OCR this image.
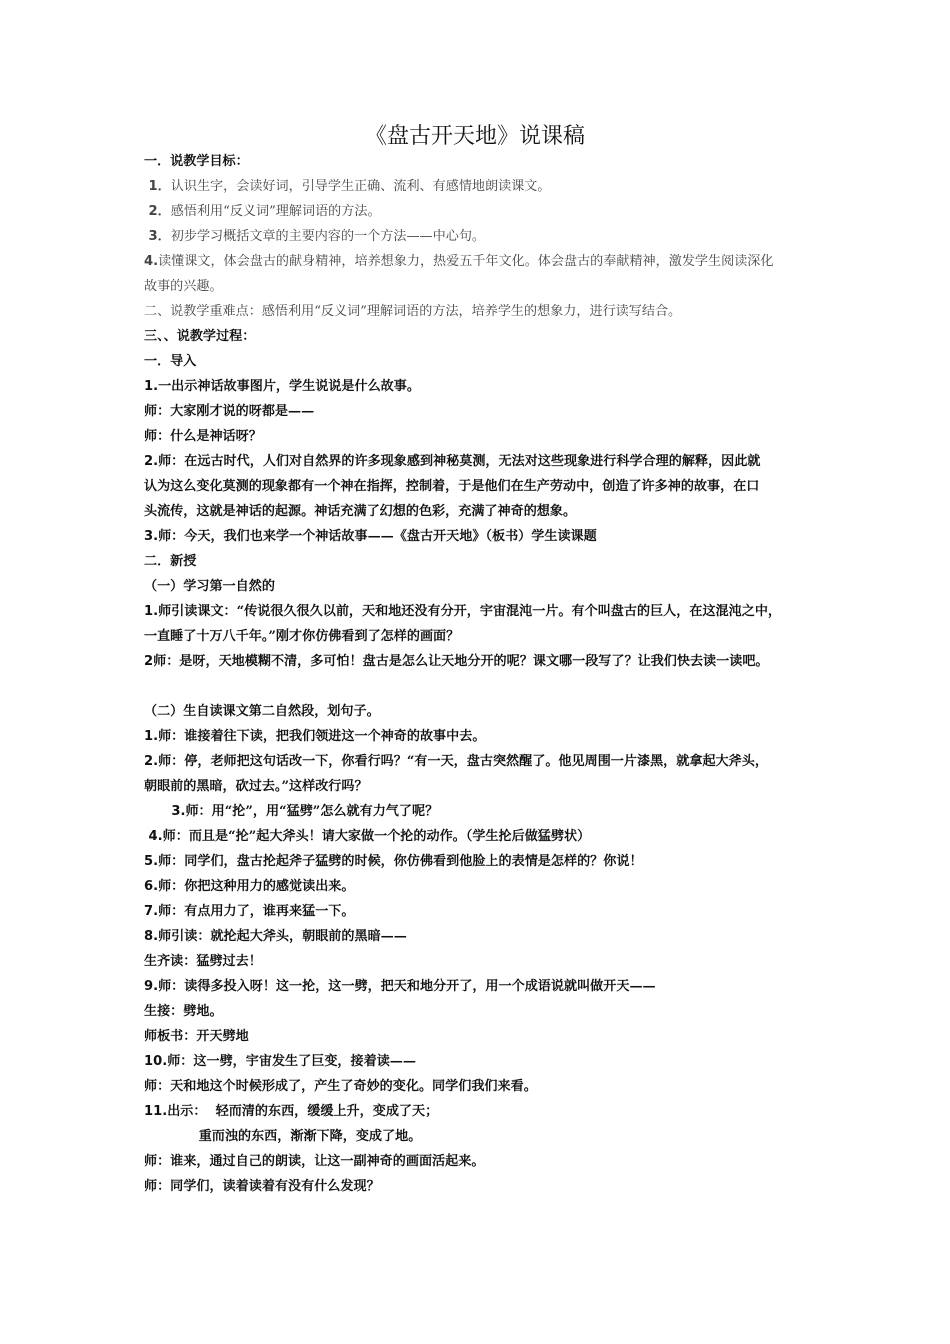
《盘古开天地》说课稿
一．说教学目标：
1．认识生字，会读好词，引导学生正确、流利、有感情地朗读课文。
2．感悟利用“反义词”理解词语的方法。
3．初步学习概括文章的主要内容的一个方法——中心句。
4.读懂课文，体会盘古的献身精神，培养想象力，热爱五千年文化。体会盘古的奉献精神，激发学生阅读深化
故事的兴趣。
二、说教学重难点：感悟利用“反义词”理解词语的方法，培养学生的想象力，进行读写结合。
三、、说教学过程：
一．导入
1.一出示神话故事图片，学生说说是什么故事。
师：大家刚才说的呀都是——
师：什么是神话呀？
2.师：在远古时代，人们对自然界的许多现象感到神秘莫测，无法对这些现象进行科学合理的解释，因此就
认为这么变化莫测的现象都有一个神在指挥，控制着，于是他们在生产劳动中，创造了许多神的故事，在口
头流传，这就是神话的起源。神话充满了幻想的色彩，充满了神奇的想象。
3.师：今天，我们也来学一个神话故事——《盘古开天地》（板书）学生读课题
二．新授
（一）学习第一自然的
1.师引读课文：“传说很久很久以前，天和地还没有分开，宇宙混沌一片。有个叫盘古的巨人，在这混沌之中，
一直睡了十万八千年。”刚才你仿佛看到了怎样的画面？
2师：是呀，天地模糊不清，多可怕！盘古是怎么让天地分开的呢？课文哪一段写了？让我们快去读一读吧。
（二）生自读课文第二自然段，划句子。
1.师：谁接着往下读，把我们领进这一个神奇的故事中去。
2.师：停，老师把这句话改一下，你看行吗？“有一天，盘古突然醒了。他见周围一片漆黑，就拿起大斧头，
朝眼前的黑暗，砍过去。”这样改行吗？
3.师：用“抡”，用“猛劈”怎么就有力气了呢？
4.师：而且是“抡”起大斧头！请大家做一个抡的动作。（学生抡后做猛劈状）
5.师：同学们，盘古抡起斧子猛劈的时候，你仿佛看到他脸上的表情是怎样的？你说！
6.师：你把这种用力的感觉读出来。
7.师：有点用力了，谁再来猛一下。
8.师引读：就抡起大斧头，朝眼前的黑暗——
生齐读：猛劈过去！
9.师：读得多投入呀！这一抡，这一劈，把天和地分开了，用一个成语说就叫做开天——
生接：劈地。
师板书：开天劈地
10.师：这一劈，宇宙发生了巨变，接着读——
师：天和地这个时候形成了，产生了奇妙的变化。同学们我们来看。
11.出示：  轻而清的东西，缓缓上升，变成了天；
重而浊的东西，渐渐下降，变成了地。
师：谁来，通过自己的朗读，让这一副神奇的画面活起来。
师：同学们，读着读着有没有什么发现？
